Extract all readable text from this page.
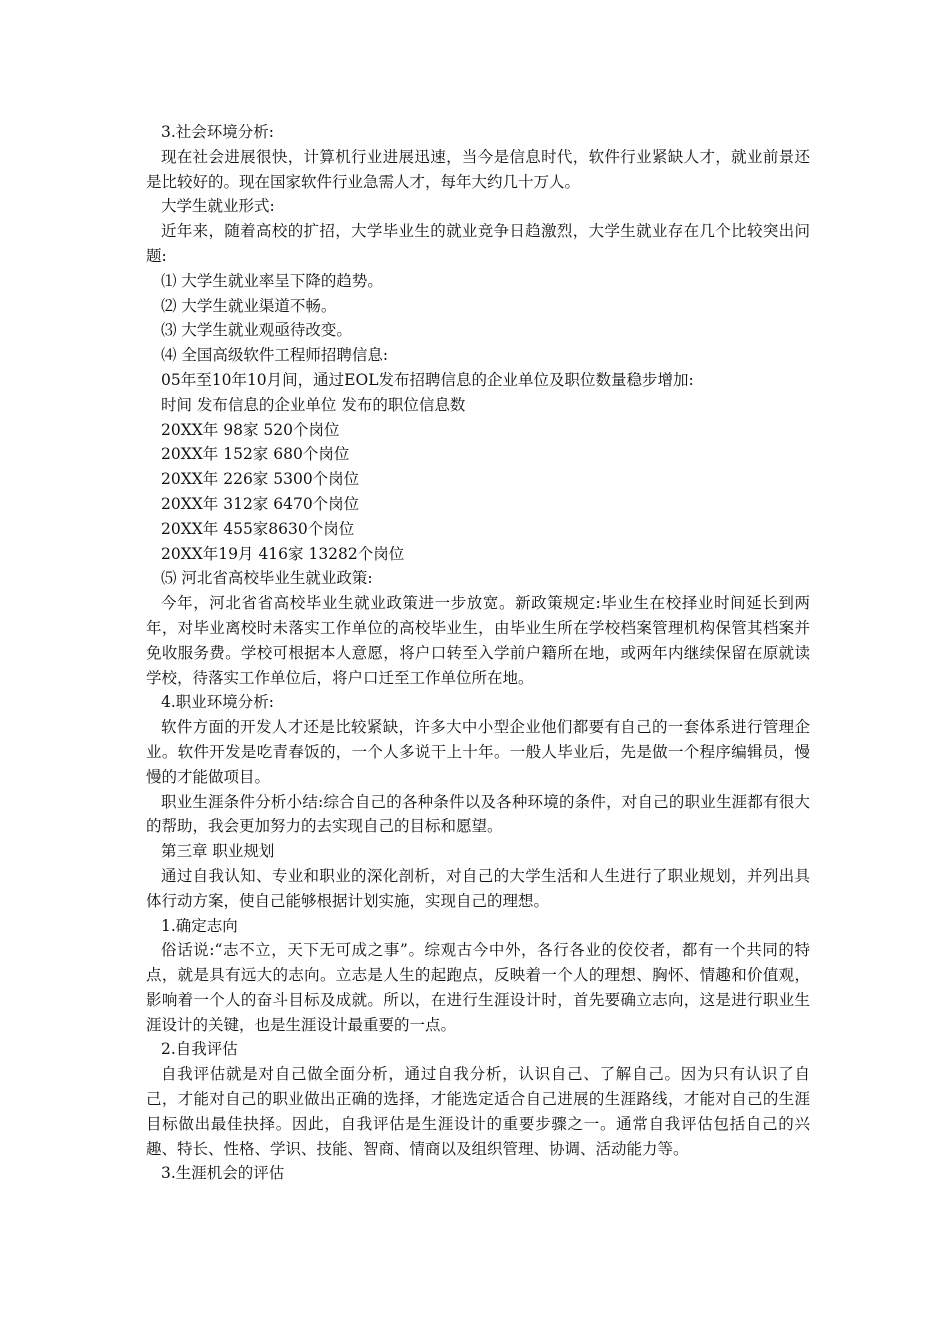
3.社会环境分析:

现在社会进展很快，计算机行业进展迅速，当今是信息时代，软件行业紧缺人才，就业前景还是比较好的。现在国家软件行业急需人才，每年大约几十万人。

大学生就业形式:

近年来，随着高校的扩招，大学毕业生的就业竞争日趋激烈，大学生就业存在几个比较突出问题:

⑴ 大学生就业率呈下降的趋势。

⑵ 大学生就业渠道不畅。

⑶ 大学生就业观亟待改变。

⑷ 全国高级软件工程师招聘信息:

05年至10年10月间，通过EOL发布招聘信息的企业单位及职位数量稳步增加:

时间 发布信息的企业单位 发布的职位信息数

20XX年 98家 520个岗位

20XX年 152家 680个岗位

20XX年 226家 5300个岗位

20XX年 312家 6470个岗位

20XX年 455家8630个岗位

20XX年19月 416家 13282个岗位

⑸ 河北省高校毕业生就业政策:

今年，河北省省高校毕业生就业政策进一步放宽。新政策规定:毕业生在校择业时间延长到两年，对毕业离校时未落实工作单位的高校毕业生，由毕业生所在学校档案管理机构保管其档案并免收服务费。学校可根据本人意愿，将户口转至入学前户籍所在地，或两年内继续保留在原就读学校，待落实工作单位后，将户口迁至工作单位所在地。

4.职业环境分析:

软件方面的开发人才还是比较紧缺，许多大中小型企业他们都要有自己的一套体系进行管理企业。软件开发是吃青春饭的，一个人多说干上十年。一般人毕业后，先是做一个程序编辑员，慢慢的才能做项目。

职业生涯条件分析小结:综合自己的各种条件以及各种环境的条件，对自己的职业生涯都有很大的帮助，我会更加努力的去实现自己的目标和愿望。

第三章 职业规划

通过自我认知、专业和职业的深化剖析，对自己的大学生活和人生进行了职业规划，并列出具体行动方案，使自己能够根据计划实施，实现自己的理想。

1.确定志向

俗话说:“志不立，天下无可成之事”。综观古今中外，各行各业的佼佼者，都有一个共同的特点，就是具有远大的志向。立志是人生的起跑点，反映着一个人的理想、胸怀、情趣和价值观，影响着一个人的奋斗目标及成就。所以，在进行生涯设计时，首先要确立志向，这是进行职业生涯设计的关键，也是生涯设计最重要的一点。

2.自我评估

自我评估就是对自己做全面分析，通过自我分析，认识自己、了解自己。因为只有认识了自己，才能对自己的职业做出正确的选择，才能选定适合自己进展的生涯路线，才能对自己的生涯目标做出最佳抉择。因此，自我评估是生涯设计的重要步骤之一。通常自我评估包括自己的兴趣、特长、性格、学识、技能、智商、情商以及组织管理、协调、活动能力等。

3.生涯机会的评估
